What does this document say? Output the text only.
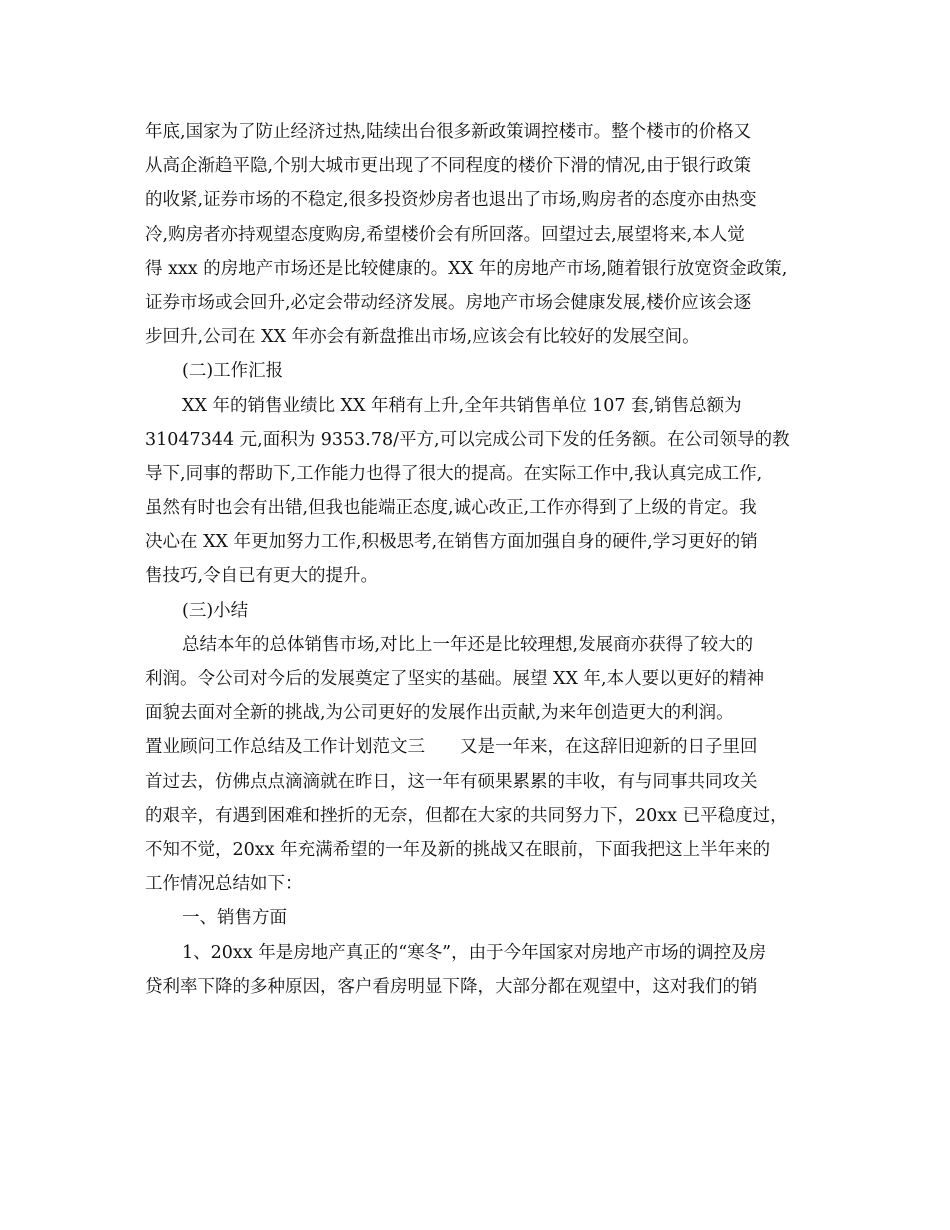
年底,国家为了防止经济过热,陆续出台很多新政策调控楼市。整个楼市的价格又
从高企渐趋平隐,个别大城市更出现了不同程度的楼价下滑的情况,由于银行政策
的收紧,证券市场的不稳定,很多投资炒房者也退出了市场,购房者的态度亦由热变
冷,购房者亦持观望态度购房,希望楼价会有所回落。回望过去,展望将来,本人觉
得 xxx 的房地产市场还是比较健康的。XX 年的房地产市场,随着银行放宽资金政策,
证券市场或会回升,必定会带动经济发展。房地产市场会健康发展,楼价应该会逐
步回升,公司在 XX 年亦会有新盘推出市场,应该会有比较好的发展空间。
(二)工作汇报
XX 年的销售业绩比 XX 年稍有上升,全年共销售单位 107 套,销售总额为
31047344 元,面积为 9353.78/平方,可以完成公司下发的任务额。在公司领导的教
导下,同事的帮助下,工作能力也得了很大的提高。在实际工作中,我认真完成工作,
虽然有时也会有出错,但我也能端正态度,诚心改正,工作亦得到了上级的肯定。我
决心在 XX 年更加努力工作,积极思考,在销售方面加强自身的硬件,学习更好的销
售技巧,令自已有更大的提升。
(三)小结
总结本年的总体销售市场,对比上一年还是比较理想,发展商亦获得了较大的
利润。令公司对今后的发展奠定了坚实的基础。展望 XX 年,本人要以更好的精神
面貌去面对全新的挑战,为公司更好的发展作出贡献,为来年创造更大的利润。
置业顾问工作总结及工作计划范文三　　又是一年来，在这辞旧迎新的日子里回
首过去，仿佛点点滴滴就在昨日，这一年有硕果累累的丰收，有与同事共同攻关
的艰辛，有遇到困难和挫折的无奈，但都在大家的共同努力下，20xx 已平稳度过，
不知不觉，20xx 年充满希望的一年及新的挑战又在眼前，下面我把这上半年来的
工作情况总结如下：
一、销售方面
1、20xx 年是房地产真正的“寒冬”，由于今年国家对房地产市场的调控及房
贷利率下降的多种原因，客户看房明显下降，大部分都在观望中，这对我们的销
